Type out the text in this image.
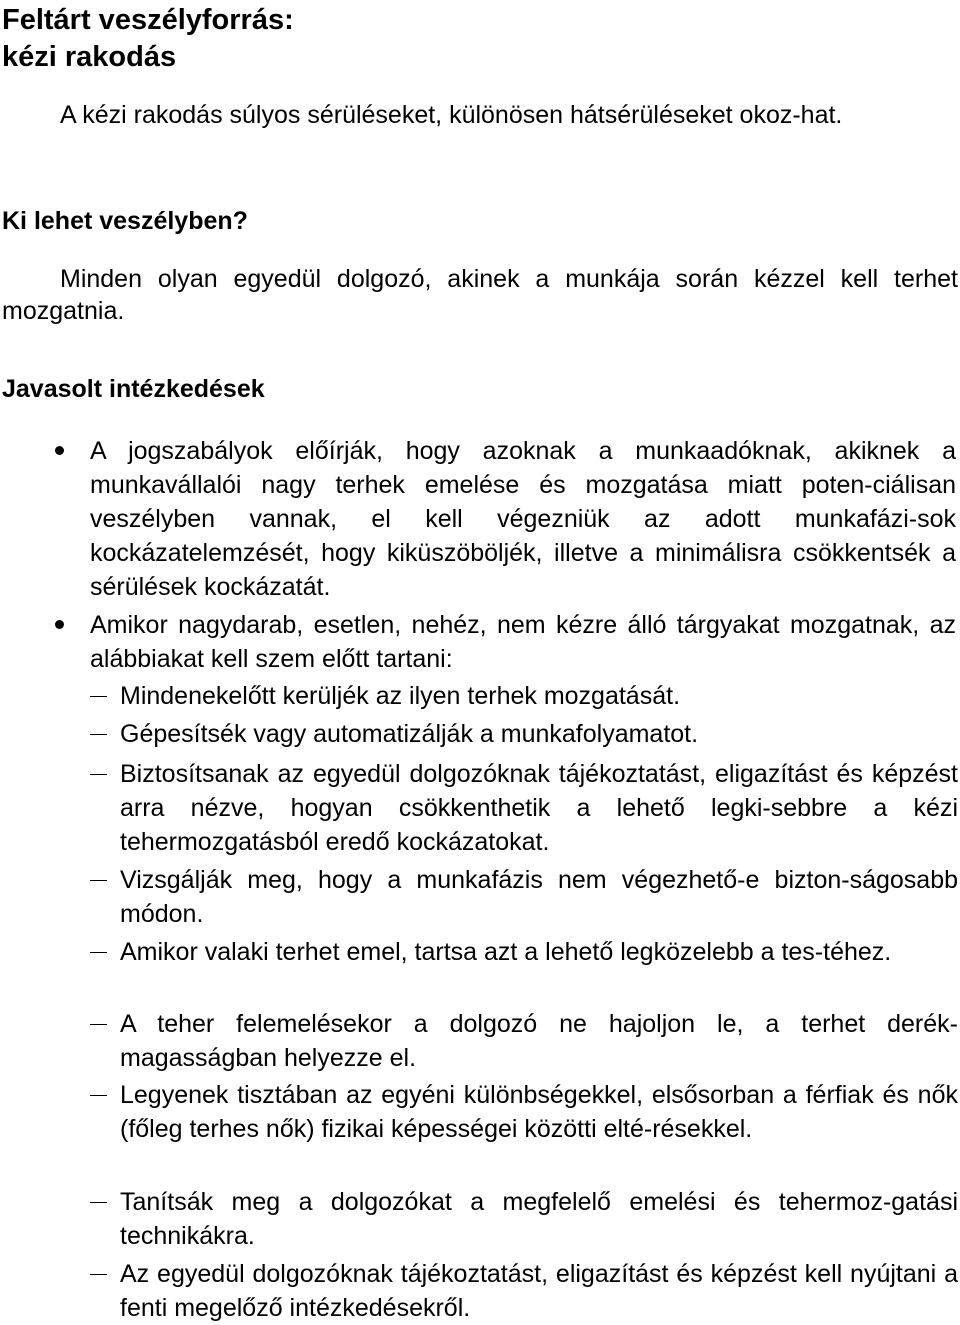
Feltárt veszélyforrás:
kézi rakodás

A kézi rakodás súlyos sérüléseket, különösen hátsérüléseket okoz-hat.

Ki lehet veszélyben?

Minden olyan egyedül dolgozó, akinek a munkája során kézzel kell terhet mozgatnia.

Javasolt intézkedések

A jogszabályok előírják, hogy azoknak a munkaadóknak, akiknek a munkavállalói nagy terhek emelése és mozgatása miatt poten-ciálisan veszélyben vannak, el kell végezniük az adott munkafázi-sok kockázatelemzését, hogy kiküszöböljék, illetve a minimálisra csökkentsék a sérülések kockázatát.

Amikor nagydarab, esetlen, nehéz, nem kézre álló tárgyakat mozgatnak, az alábbiakat kell szem előtt tartani:

Mindenekelőtt kerüljék az ilyen terhek mozgatását.

Gépesítsék vagy automatizálják a munkafolyamatot.

Biztosítsanak az egyedül dolgozóknak tájékoztatást, eligazítást és képzést arra nézve, hogyan csökkenthetik a lehető legki-sebbre a kézi tehermozgatásból eredő kockázatokat.

Vizsgálják meg, hogy a munkafázis nem végezhető-e bizton-ságosabb módon.

Amikor valaki terhet emel, tartsa azt a lehető legközelebb a tes-téhez.

A teher felemelésekor a dolgozó ne hajoljon le, a terhet derék-magasságban helyezze el.

Legyenek tisztában az egyéni különbségekkel, elsősorban a férfiak és nők (főleg terhes nők) fizikai képességei közötti elté-résekkel.

Tanítsák meg a dolgozókat a megfelelő emelési és tehermoz-gatási technikákra.

Az egyedül dolgozóknak tájékoztatást, eligazítást és képzést kell nyújtani a fenti megelőző intézkedésekről.
